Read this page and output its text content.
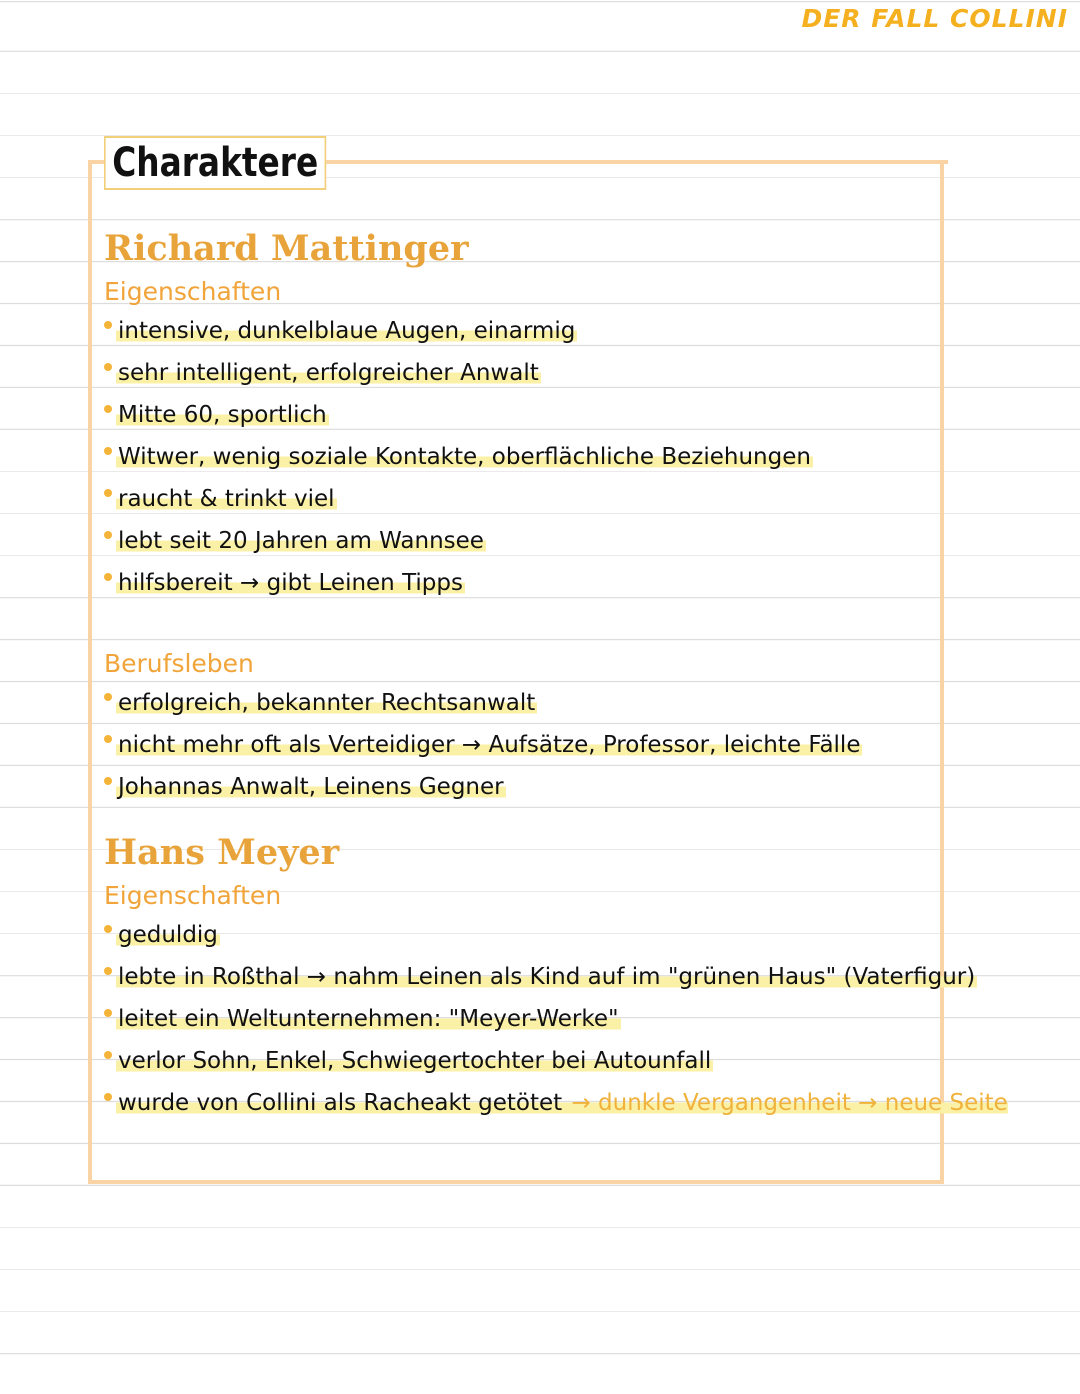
DER FALL COLLINI
Charaktere
Richard Mattinger

Eigenschaften

intensive, dunkelblaue Augen, einarmig
sehr intelligent, erfolgreicher Anwalt
Mitte 60, sportlich
Witwer, wenig soziale Kontakte, oberflächliche Beziehungen
raucht & trinkt viel
lebt seit 20 Jahren am Wannsee
hilfsbereit → gibt Leinen Tipps

Berufsleben

erfolgreich, bekannter Rechtsanwalt
nicht mehr oft als Verteidiger → Aufsätze, Professor, leichte Fälle
Johannas Anwalt, Leinens Gegner
Hans Meyer

Eigenschaften

geduldig
lebte in Roßthal → nahm Leinen als Kind auf im "grünen Haus" (Vaterfigur)
leitet ein Weltunternehmen: "Meyer-Werke"
verlor Sohn, Enkel, Schwiegertochter bei Autounfall
wurde von Collini als Racheakt getötet → dunkle Vergangenheit → neue Seite
